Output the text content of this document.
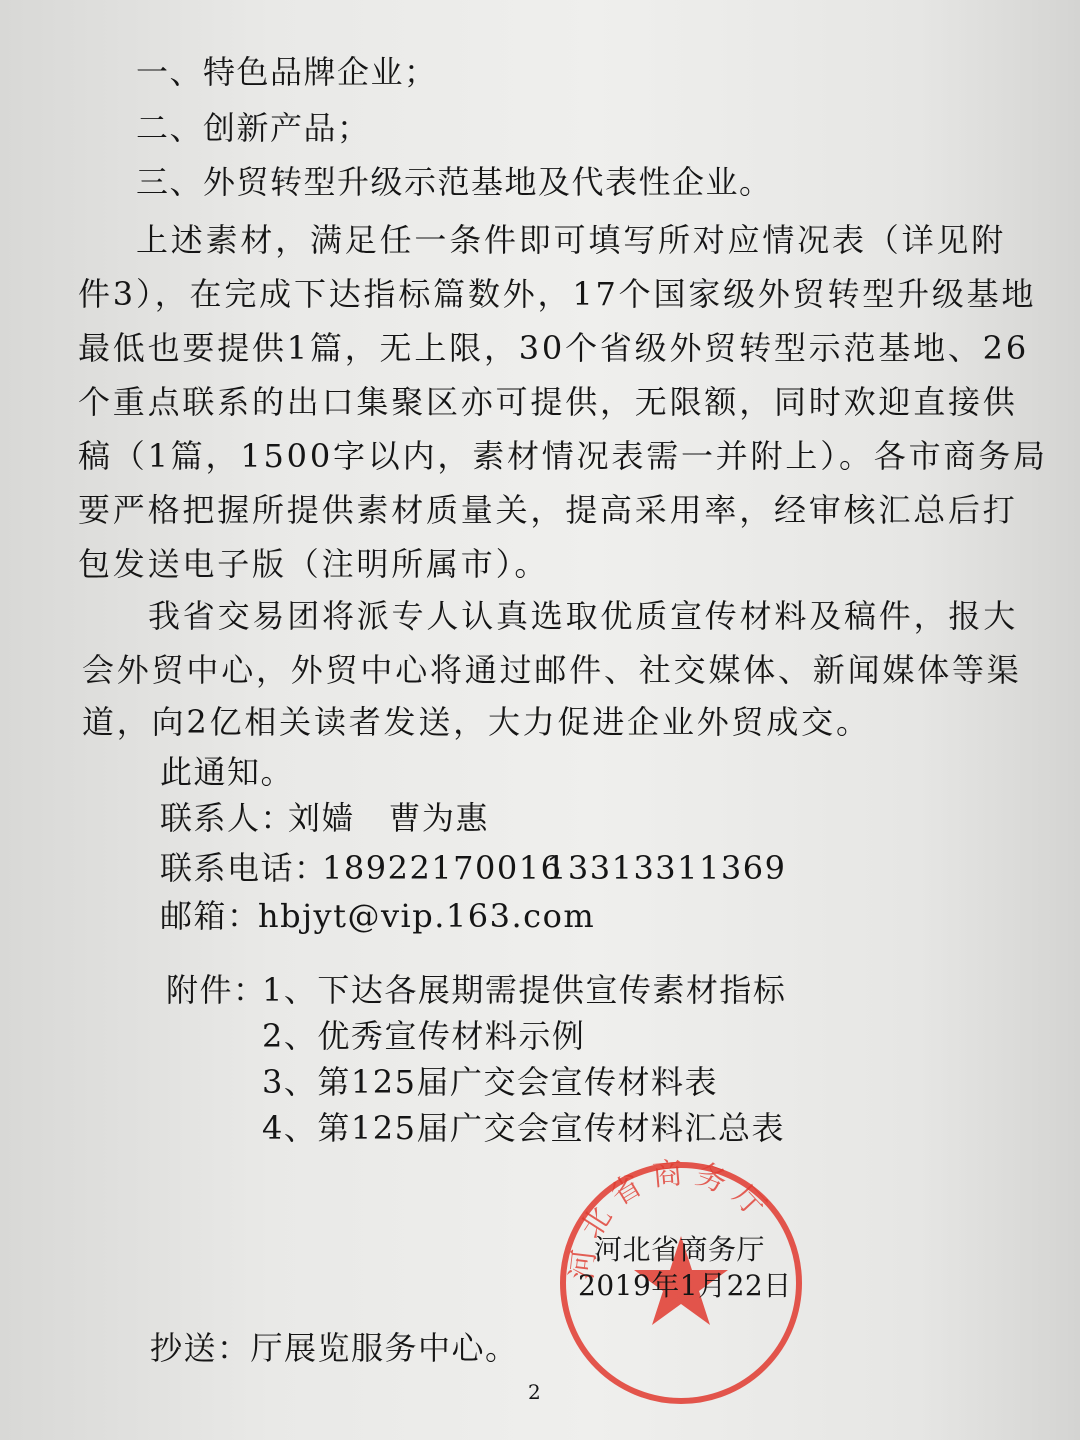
一、特色品牌企业；
二、创新产品；
三、外贸转型升级示范基地及代表性企业。
上述素材，满足任一条件即可填写所对应情况表（详见附
件3），在完成下达指标篇数外，17个国家级外贸转型升级基地
最低也要提供1篇，无上限，30个省级外贸转型示范基地、26
个重点联系的出口集聚区亦可提供，无限额，同时欢迎直接供
稿（1篇，1500字以内，素材情况表需一并附上）。各市商务局
要严格把握所提供素材质量关，提高采用率，经审核汇总后打
包发送电子版（注明所属市）。
我省交易团将派专人认真选取优质宣传材料及稿件，报大
会外贸中心，外贸中心将通过邮件、社交媒体、新闻媒体等渠
道，向2亿相关读者发送，大力促进企业外贸成交。
此通知。
联系人：
刘嫱　曹为惠
联系电话：
18922170016
13313311369
邮箱：
hbjyt@vip.163.com
附件：
1、下达各展期需提供宣传素材指标
2、优秀宣传材料示例
3、第125届广交会宣传材料表
4、第125届广交会宣传材料汇总表
河北省商务厅
河北省商务厅
2019年1月22日
抄送：厅展览服务中心。
2
